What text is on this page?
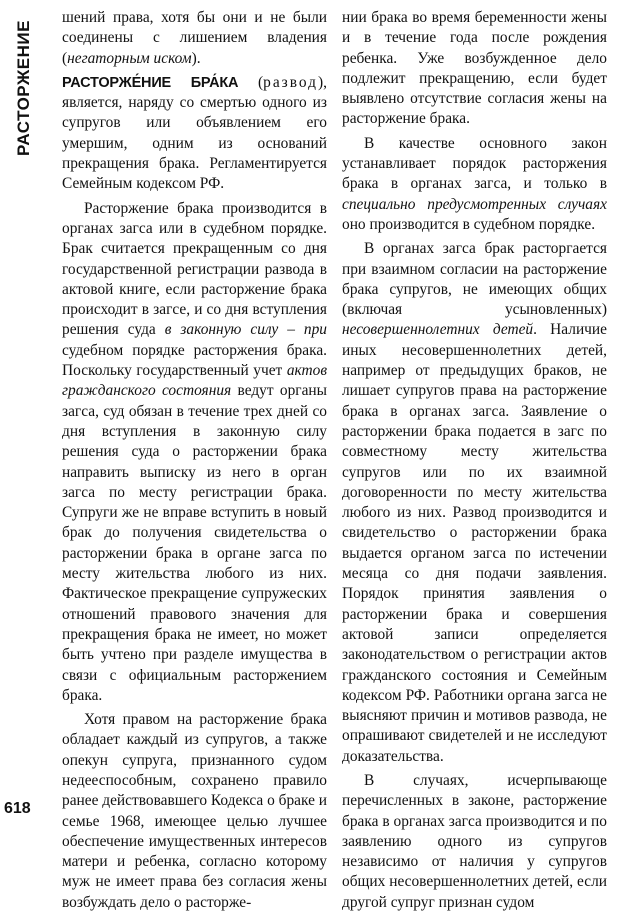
РАСТОРЖЕНИЕ
618

шений права, хотя бы они и не были соединены с лишением владения (негаторным иском).

РАСТОРЖЕ́НИЕ БРА́КА (развод), является, наряду со смертью одного из супругов или объявлением его умершим, одним из оснований прекращения брака. Регламентируется Семейным кодексом РФ.

Расторжение брака производится в органах загса или в судебном порядке. Брак считается прекращенным со дня государственной регистрации развода в актовой книге, если расторжение брака происходит в загсе, и со дня вступления решения суда в законную силу – при судебном порядке расторжения брака. Поскольку государственный учет актов гражданского состояния ведут органы загса, суд обязан в течение трех дней со дня вступления в законную силу решения суда о расторжении брака направить выписку из него в орган загса по месту регистрации брака. Супруги же не вправе вступить в новый брак до получения свидетельства о расторжении брака в органе загса по месту жительства любого из них. Фактическое прекращение супружеских отношений правового значения для прекращения брака не имеет, но может быть учтено при разделе имущества в связи с официальным расторжением брака.

Хотя правом на расторжение брака обладает каждый из супругов, а также опекун супруга, признанного судом недееспособным, сохранено правило ранее действовавшего Кодекса о браке и семье 1968, имеющее целью лучшее обеспечение имущественных интересов матери и ребенка, согласно которому муж не имеет права без согласия жены возбуждать дело о расторже-

нии брака во время беременности жены и в течение года после рождения ребенка. Уже возбужденное дело подлежит прекращению, если будет выявлено отсутствие согласия жены на расторжение брака.

В качестве основного закон устанавливает порядок расторжения брака в органах загса, и только в специально предусмотренных случаях оно производится в судебном порядке.

В органах загса брак расторгается при взаимном согласии на расторжение брака супругов, не имеющих общих (включая усыновленных) несовершеннолетних детей. Наличие иных несовершеннолетних детей, например от предыдущих браков, не лишает супругов права на расторжение брака в органах загса. Заявление о расторжении брака подается в загс по совместному месту жительства супругов или по их взаимной договоренности по месту жительства любого из них. Развод производится и свидетельство о расторжении брака выдается органом загса по истечении месяца со дня подачи заявления. Порядок принятия заявления о расторжении брака и совершения актовой записи определяется законодательством о регистрации актов гражданского состояния и Семейным кодексом РФ. Работники органа загса не выясняют причин и мотивов развода, не опрашивают свидетелей и не исследуют доказательства.

В случаях, исчерпывающе перечисленных в законе, расторжение брака в органах загса производится и по заявлению одного из супругов независимо от наличия у супругов общих несовершеннолетних детей, если другой супруг признан судом
